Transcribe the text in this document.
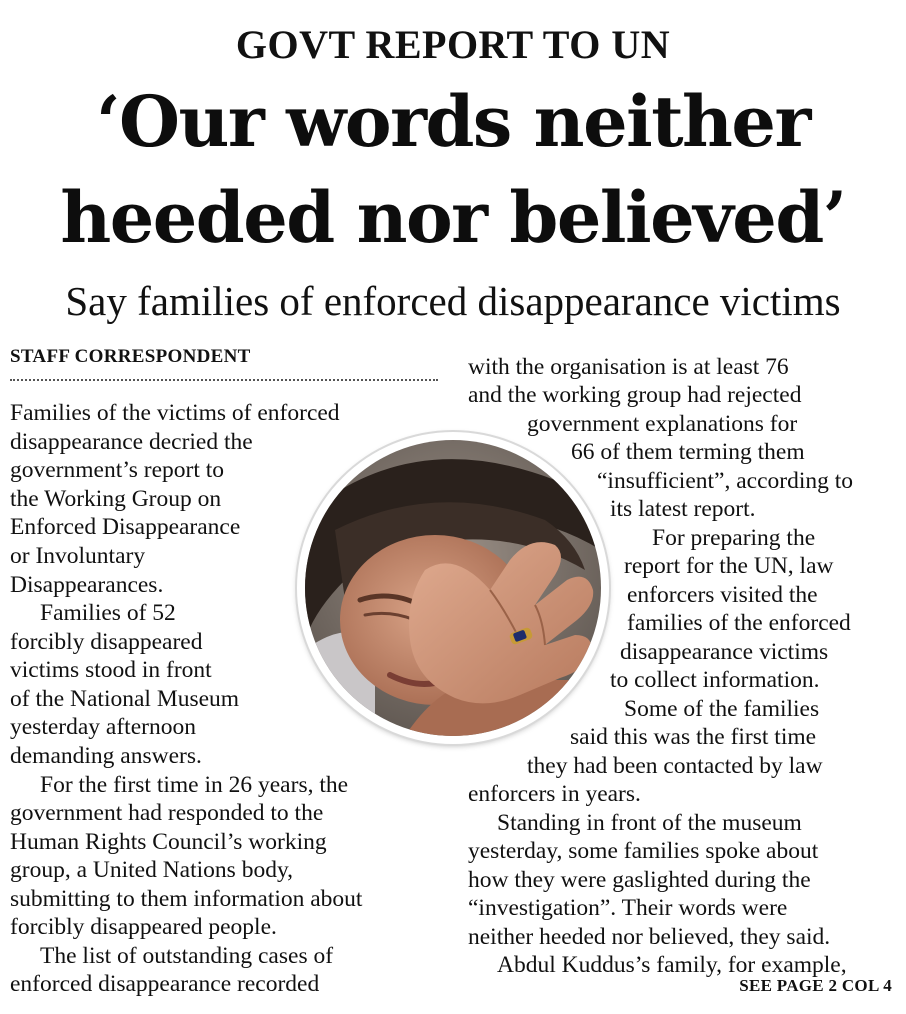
GOVT REPORT TO UN
‘Our words neither
heeded nor believed’
Say families of enforced disappearance victims
STAFF CORRESPONDENT
Families of the victims of enforced
disappearance decried the
government’s report to
the Working Group on
Enforced Disappearance
or Involuntary
Disappearances.
Families of 52
forcibly disappeared
victims stood in front
of the National Museum
yesterday afternoon
demanding answers.
For the first time in 26 years, the
government had responded to the
Human Rights Council’s working
group, a United Nations body,
submitting to them information about
forcibly disappeared people.
The list of outstanding cases of
enforced disappearance recorded
with the organisation is at least 76
and the working group had rejected
government explanations for
66 of them terming them
“insufficient”, according to
its latest report.
For preparing the
report for the UN, law
enforcers visited the
families of the enforced
disappearance victims
to collect information.
Some of the families
said this was the first time
they had been contacted by law
enforcers in years.
Standing in front of the museum
yesterday, some families spoke about
how they were gaslighted during the
“investigation”. Their words were
neither heeded nor believed, they said.
Abdul Kuddus’s family, for example,
SEE PAGE 2 COL 4
